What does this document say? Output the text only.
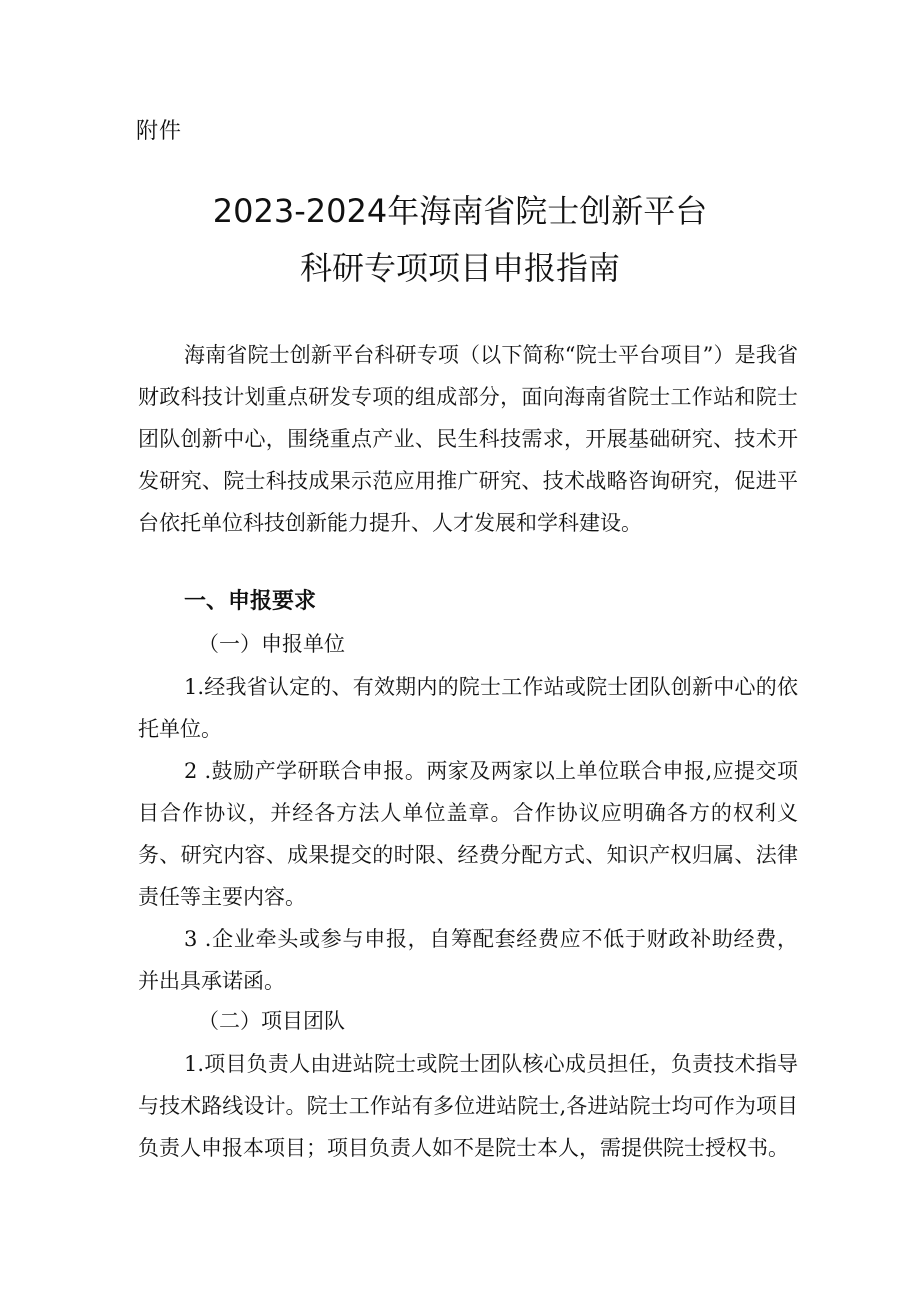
附件
2023-2024年海南省院士创新平台
科研专项项目申报指南
海南省院士创新平台科研专项（以下简称“院士平台项目”）是我省财政科技计划重点研发专项的组成部分，面向海南省院士工作站和院士团队创新中心，围绕重点产业、民生科技需求，开展基础研究、技术开发研究、院士科技成果示范应用推广研究、技术战略咨询研究，促进平台依托单位科技创新能力提升、人才发展和学科建设。
一、申报要求
（一）申报单位
1.经我省认定的、有效期内的院士工作站或院士团队创新中心的依托单位。
2 .鼓励产学研联合申报。两家及两家以上单位联合申报,应提交项目合作协议，并经各方法人单位盖章。合作协议应明确各方的权利义务、研究内容、成果提交的时限、经费分配方式、知识产权归属、法律责任等主要内容。
3 .企业牵头或参与申报，自筹配套经费应不低于财政补助经费，并出具承诺函。
（二）项目团队
1.项目负责人由进站院士或院士团队核心成员担任，负责技术指导与技术路线设计。院士工作站有多位进站院士,各进站院士均可作为项目负责人申报本项目；项目负责人如不是院士本人，需提供院士授权书。
